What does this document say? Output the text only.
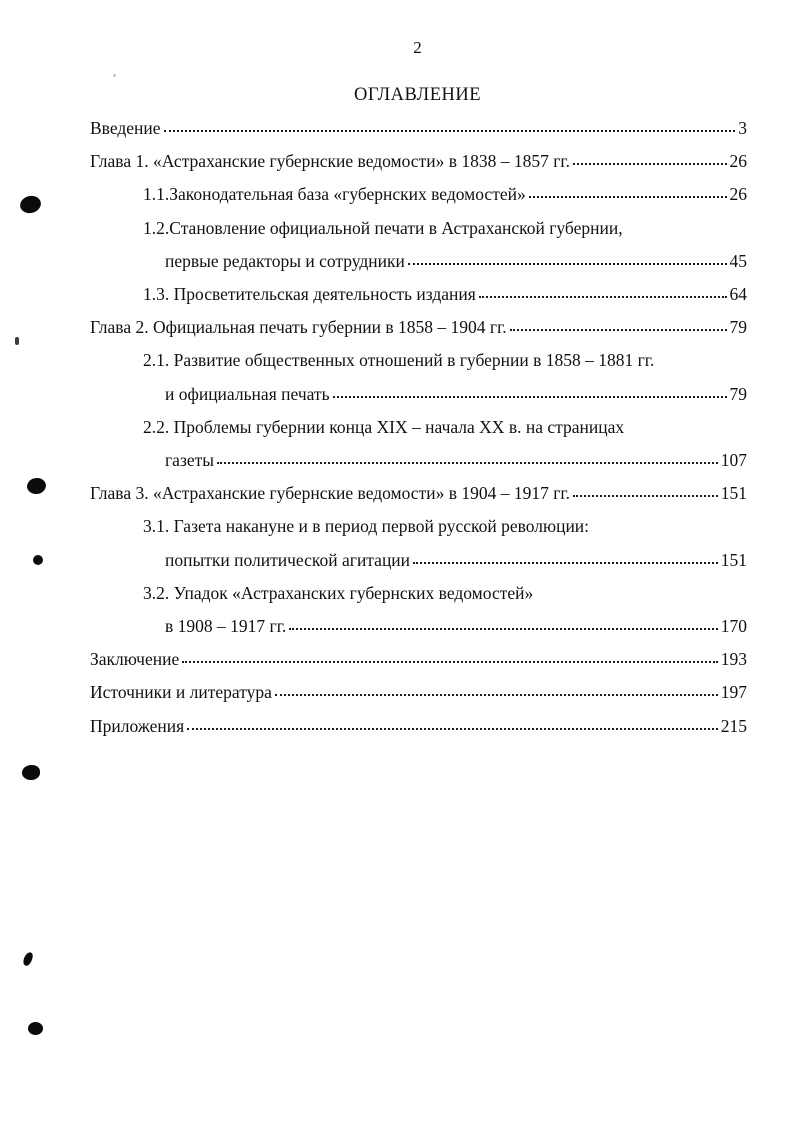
2
ОГЛАВЛЕНИЕ
Введение	3
Глава 1. «Астраханские губернские ведомости» в 1838 – 1857 гг.	26
1.1.Законодательная база «губернских ведомостей»	26
1.2.Становление официальной печати в Астраханской губернии,
первые редакторы и сотрудники	45
1.3. Просветительская деятельность издания	64
Глава 2. Официальная печать губернии в 1858 – 1904 гг.	79
2.1. Развитие общественных отношений в губернии в 1858 – 1881 гг.
и официальная печать	79
2.2. Проблемы губернии конца XIX – начала XX в. на страницах
газеты	107
Глава 3. «Астраханские губернские ведомости» в 1904 – 1917 гг.	151
3.1. Газета накануне и в период первой русской революции:
попытки политической агитации	151
3.2. Упадок «Астраханских губернских ведомостей»
в 1908 – 1917 гг.	170
Заключение	193
Источники и литература	197
Приложения	215
